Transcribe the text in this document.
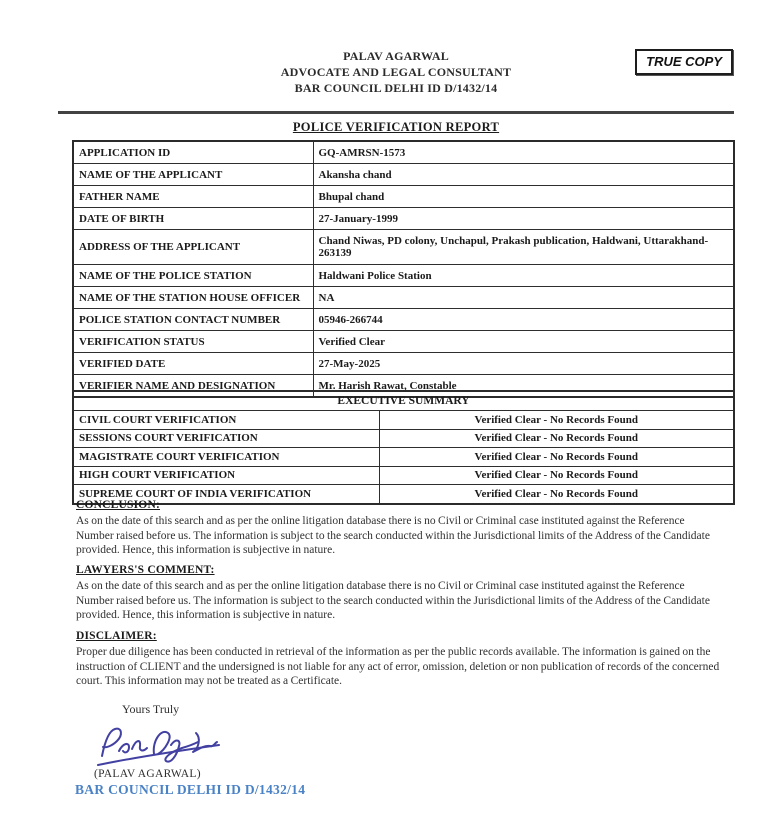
TRUE COPY
PALAV AGARWAL
ADVOCATE AND LEGAL CONSULTANT
BAR COUNCIL DELHI ID D/1432/14
POLICE VERIFICATION REPORT
APPLICATION ID	GQ-AMRSN-1573
NAME OF THE APPLICANT	Akansha chand
FATHER NAME	Bhupal chand
DATE OF BIRTH	27-January-1999
ADDRESS OF THE APPLICANT	Chand Niwas, PD colony, Unchapul, Prakash publication, Haldwani, Uttarakhand-263139
NAME OF THE POLICE STATION	Haldwani Police Station
NAME OF THE STATION HOUSE OFFICER	NA
POLICE STATION CONTACT NUMBER	05946-266744
VERIFICATION STATUS	Verified Clear
VERIFIED DATE	27-May-2025
VERIFIER NAME AND DESIGNATION	Mr. Harish Rawat, Constable
EXECUTIVE SUMMARY	
CIVIL COURT VERIFICATION	Verified Clear - No Records Found
SESSIONS COURT VERIFICATION	Verified Clear - No Records Found
MAGISTRATE COURT VERIFICATION	Verified Clear - No Records Found
HIGH COURT VERIFICATION	Verified Clear - No Records Found
SUPREME COURT OF INDIA VERIFICATION	Verified Clear - No Records Found
CONCLUSION:

As on the date of this search and as per the online litigation database there is no Civil or Criminal case instituted against the Reference Number raised before us. The information is subject to the search conducted within the Jurisdictional limits of the Address of the Candidate provided. Hence, this information is subjective in nature.

LAWYERS'S COMMENT:

As on the date of this search and as per the online litigation database there is no Civil or Criminal case instituted against the Reference Number raised before us. The information is subject to the search conducted within the Jurisdictional limits of the Address of the Candidate provided. Hence, this information is subjective in nature.

DISCLAIMER:

Proper due diligence has been conducted in retrieval of the information as per the public records available. The information is gained on the instruction of CLIENT and the undersigned is not liable for any act of error, omission, deletion or non publication of records of the concerned court. This information may not be treated as a Certificate.

Yours Truly
(PALAV AGARWAL)
BAR COUNCIL DELHI ID D/1432/14
